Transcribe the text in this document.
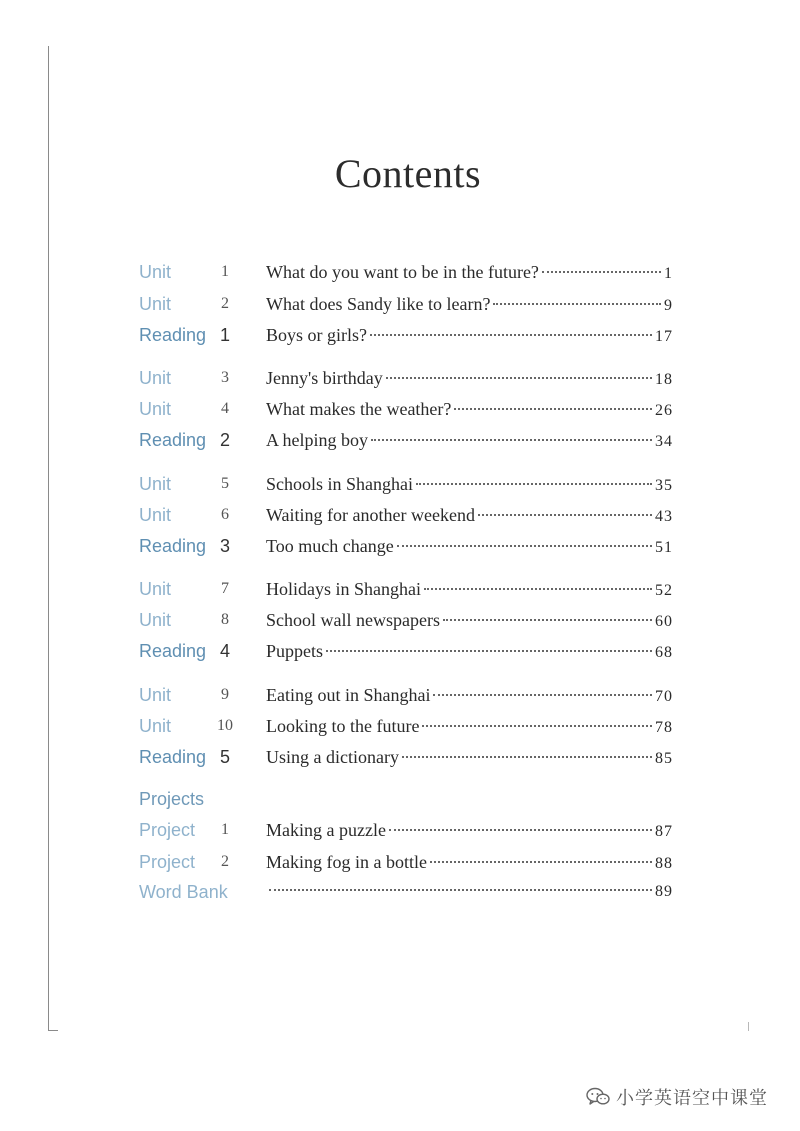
Contents
Unit	1	What do you want to be in the future?	1
Unit	2	What does Sandy like to learn?	9
Reading 1	Boys or girls?	17
Unit	3	Jenny's birthday	18
Unit	4	What makes the weather?	26
Reading 2	A helping boy	34
Unit	5	Schools in Shanghai	35
Unit	6	Waiting for another weekend	43
Reading 3	Too much change	51
Unit	7	Holidays in Shanghai	52
Unit	8	School wall newspapers	60
Reading 4	Puppets	68
Unit	9	Eating out in Shanghai	70
Unit	10 Looking to the future	78
Reading 5	Using a dictionary	85
Projects
Project	1	Making a puzzle	87
Project	2	Making fog in a bottle	88
Word Bank	89
小学英语空中课堂
